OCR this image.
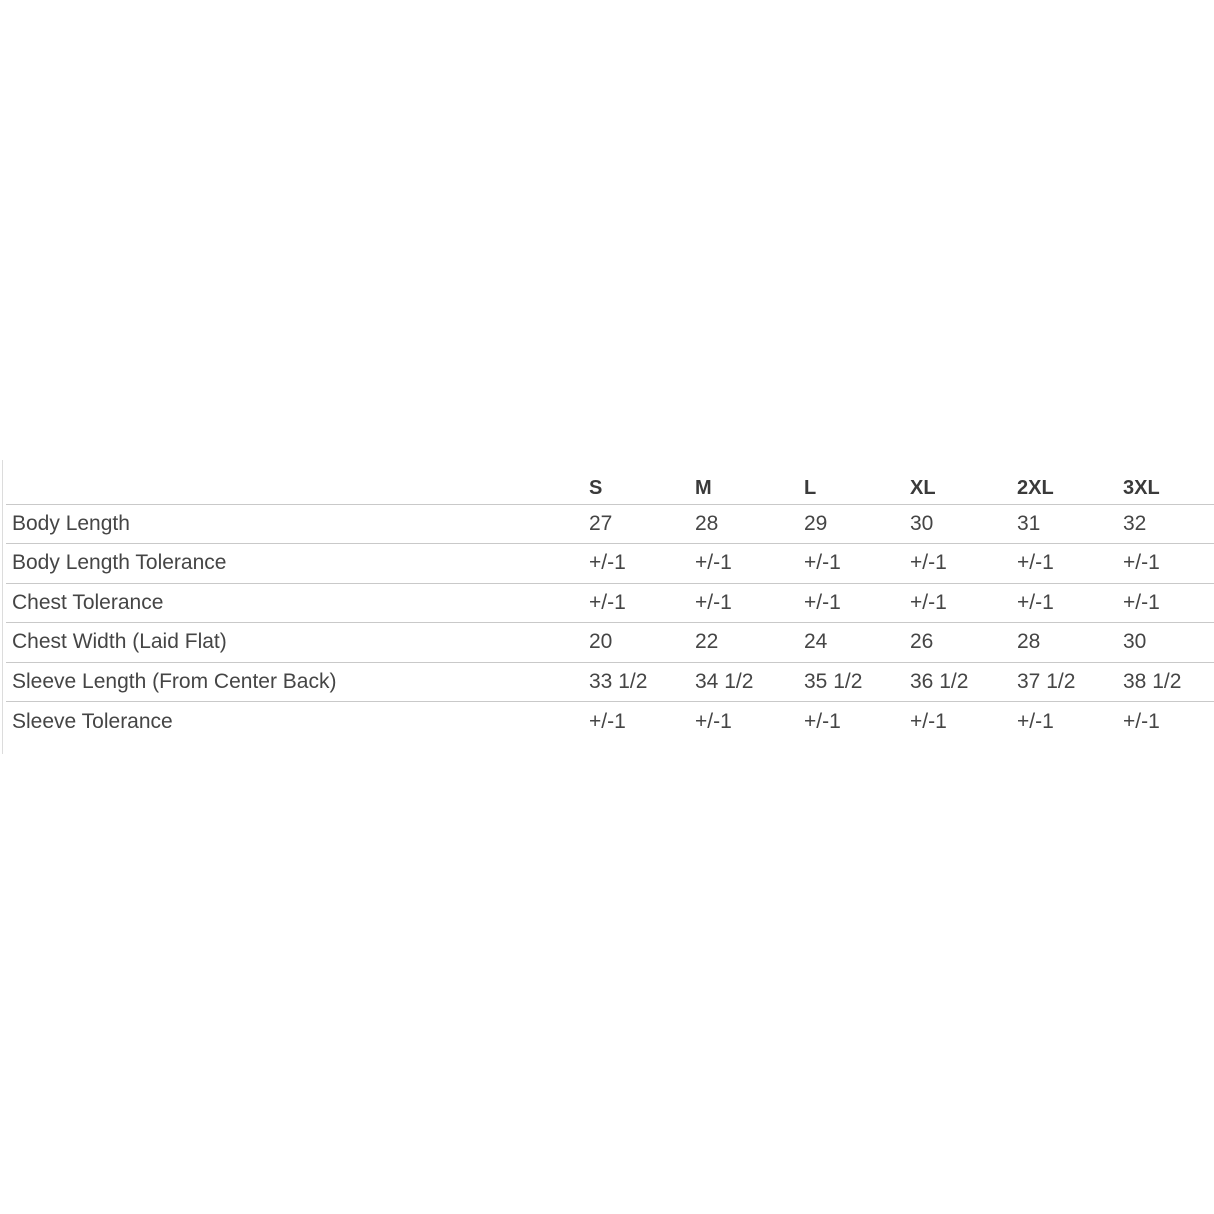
	S	M	L	XL	2XL	3XL
Body Length	27	28	29	30	31	32
Body Length Tolerance	+/-1	+/-1	+/-1	+/-1	+/-1	+/-1
Chest Tolerance	+/-1	+/-1	+/-1	+/-1	+/-1	+/-1
Chest Width (Laid Flat)	20	22	24	26	28	30
Sleeve Length (From Center Back)	33 1/2	34 1/2	35 1/2	36 1/2	37 1/2	38 1/2
Sleeve Tolerance	+/-1	+/-1	+/-1	+/-1	+/-1	+/-1
